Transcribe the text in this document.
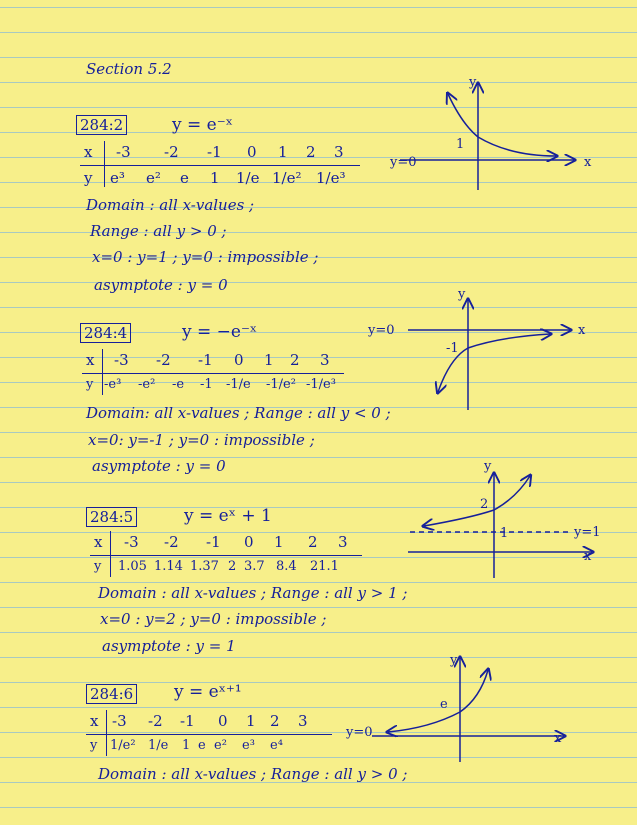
Section 5.2
284:2	y = e⁻ˣ
x -3 -2 -1 0 1 2 3
y e³ e² e 1 1/e 1/e² 1/e³
Domain : all x-values ;
Range : all y > 0 ;
x=0 : y=1 ; y=0 : impossible ;
asymptote : y = 0
284:4	y = −e⁻ˣ
x -3 -2 -1 0 1 2 3
y -e³ -e² -e -1 -1/e -1/e² -1/e³
Domain: all x-values ; Range : all y < 0 ;
x=0: y=-1 ; y=0 : impossible ;
asymptote : y = 0
284:5	y = eˣ + 1
x -3 -2 -1 0 1 2 3
y 1.05 1.14 1.37 2 3.7 8.4 21.1
Domain : all x-values ; Range : all y > 1 ;
x=0 : y=2 ; y=0 : impossible ;
asymptote : y = 1
284:6 y = eˣ⁺¹
x -3 -2 -1 0 1 2 3
y 1/e² 1/e 1 e e² e³ e⁴
Domain : all x-values ; Range : all y > 0 ;
y
x
y=0
1
y
x
y=0
-1
y
x
y=1
2
1
y
x
y=0
e
